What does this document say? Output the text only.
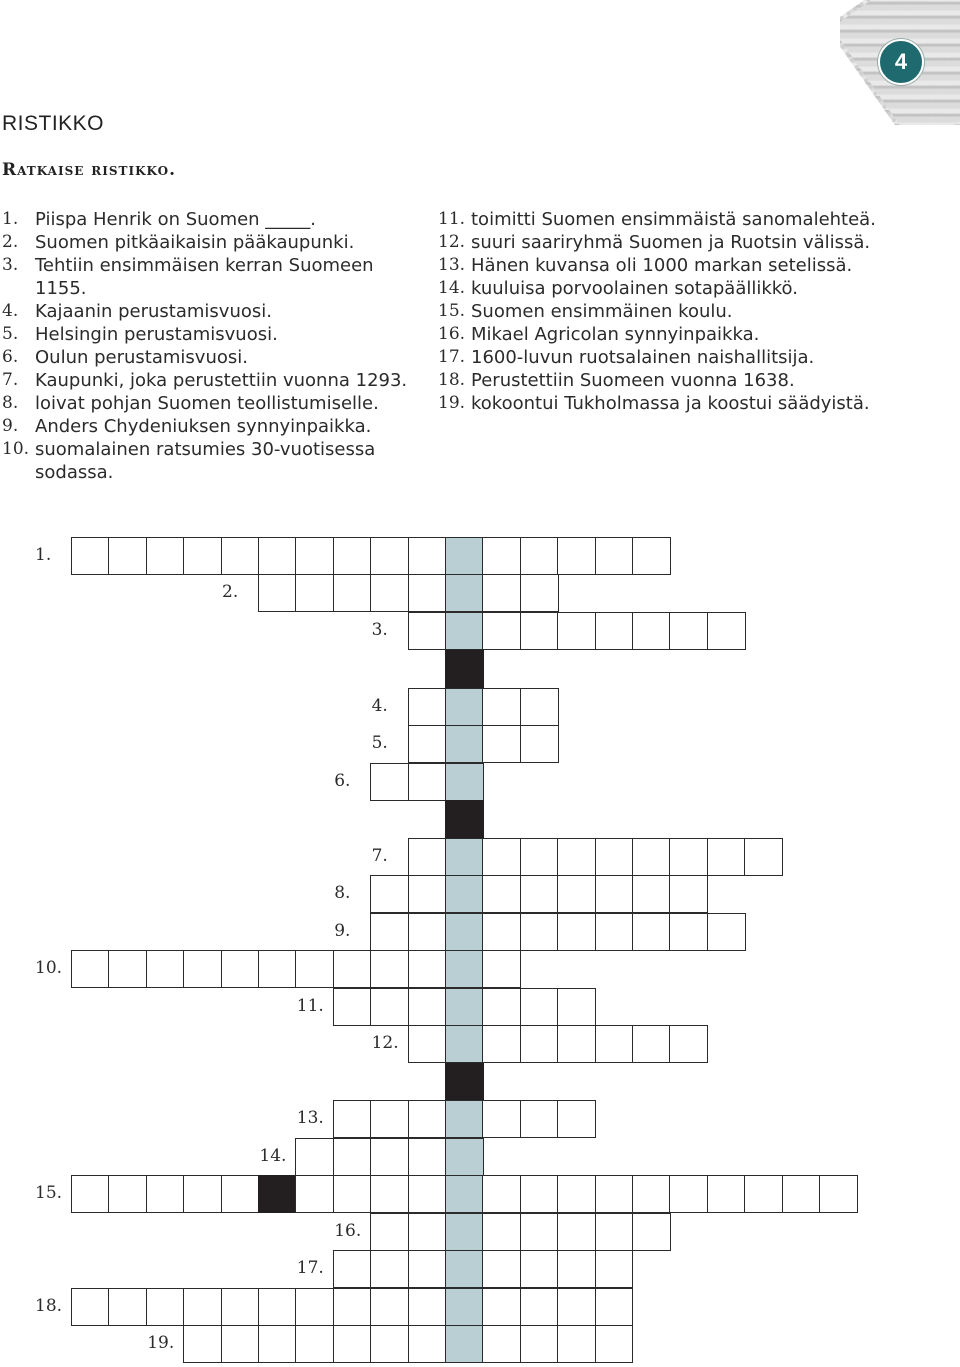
4
RISTIKKO
Ratkaise ristikko.
1. Piispa Henrik on Suomen _____.
2. Suomen pitkäaikaisin pääkaupunki.
3. Tehtiin ensimmäisen kerran Suomeen 1155.
4. Kajaanin perustamisvuosi.
5. Helsingin perustamisvuosi.
6. Oulun perustamisvuosi.
7. Kaupunki, joka perustettiin vuonna 1293.
8. loivat pohjan Suomen teollistumiselle.
9. Anders Chydeniuksen synnyinpaikka.
10. suomalainen ratsumies 30-vuotisessa sodassa.
11. toimitti Suomen ensimmäistä sanomalehteä.
12. suuri saariryhmä Suomen ja Ruotsin välissä.
13. Hänen kuvansa oli 1000 markan setelissä.
14. kuuluisa porvoolainen sotapäällikkö.
15. Suomen ensimmäinen koulu.
16. Mikael Agricolan synnyinpaikka.
17. 1600-luvun ruotsalainen naishallitsija.
18. Perustettiin Suomeen vuonna 1638.
19. kokoontui Tukholmassa ja koostui säädyistä.
1.
2.
3.
4.
5.
6.
7.
8.
9.
10.
11.
12.
13.
14.
15.
16.
17.
18.
19.
